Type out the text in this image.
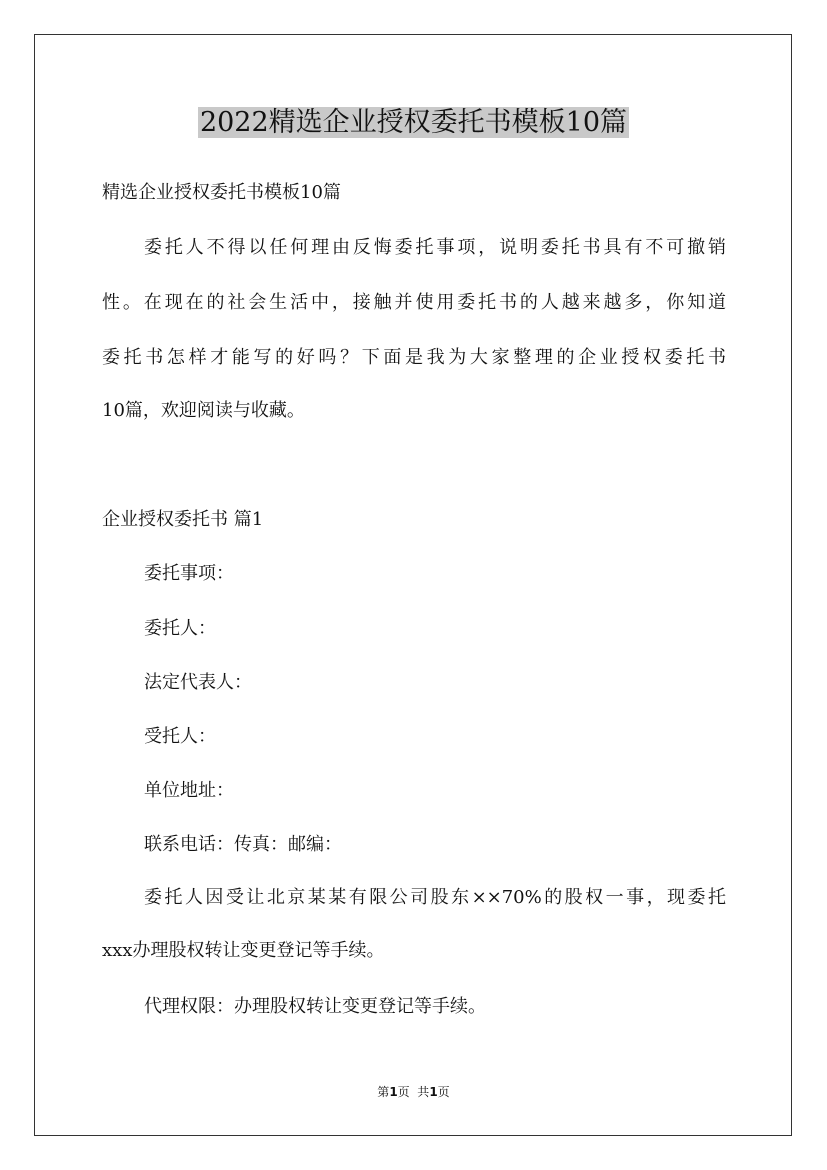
2022精选企业授权委托书模板10篇
精选企业授权委托书模板10篇
委托人不得以任何理由反悔委托事项，说明委托书具有不可撤销
性。在现在的社会生活中，接触并使用委托书的人越来越多，你知道
委托书怎样才能写的好吗？下面是我为大家整理的企业授权委托书
10篇，欢迎阅读与收藏。
企业授权委托书 篇1
委托事项：
委托人：
法定代表人：
受托人：
单位地址：
联系电话：传真：邮编：
委托人因受让北京某某有限公司股东××70%的股权一事，现委托
xxx办理股权转让变更登记等手续。
代理权限：办理股权转让变更登记等手续。
第1页  共1页
